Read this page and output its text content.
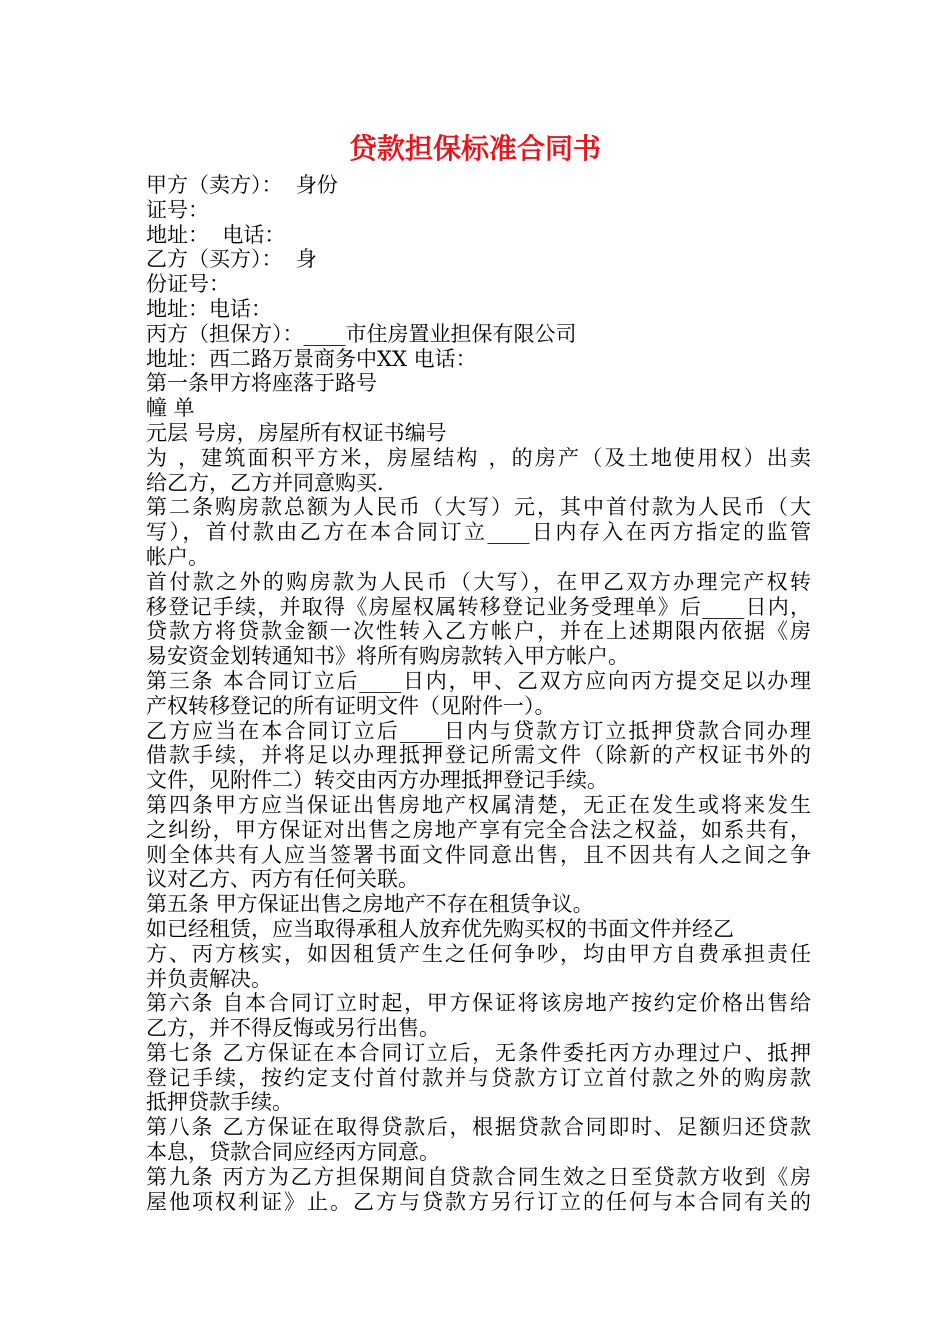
贷款担保标准合同书
甲方（卖方）：  身份
证号：
地址：  电话：
乙方（买方）：  身
份证号：
地址：电话：
丙方（担保方）：____市住房置业担保有限公司
地址：西二路万景商务中XX 电话：
第一条甲方将座落于路号
幢 单
元层 号房，房屋所有权证书编号
为 ，建筑面积平方米，房屋结构 ，的房产（及土地使用权）出卖
给乙方，乙方并同意购买.
第二条购房款总额为人民币（大写）元，其中首付款为人民币（大
写），首付款由乙方在本合同订立____日内存入在丙方指定的监管
帐户。
首付款之外的购房款为人民币（大写），在甲乙双方办理完产权转
移登记手续，并取得《房屋权属转移登记业务受理单》后____日内，
贷款方将贷款金额一次性转入乙方帐户，并在上述期限内依据《房
易安资金划转通知书》将所有购房款转入甲方帐户。
第三条 本合同订立后____日内，甲、乙双方应向丙方提交足以办理
产权转移登记的所有证明文件（见附件一）。
乙方应当在本合同订立后____日内与贷款方订立抵押贷款合同办理
借款手续，并将足以办理抵押登记所需文件（除新的产权证书外的
文件，见附件二）转交由丙方办理抵押登记手续。
第四条甲方应当保证出售房地产权属清楚，无正在发生或将来发生
之纠纷，甲方保证对出售之房地产享有完全合法之权益，如系共有，
则全体共有人应当签署书面文件同意出售，且不因共有人之间之争
议对乙方、丙方有任何关联。
第五条 甲方保证出售之房地产不存在租赁争议。
如已经租赁，应当取得承租人放弃优先购买权的书面文件并经乙
方、丙方核实，如因租赁产生之任何争吵，均由甲方自费承担责任
并负责解决。
第六条 自本合同订立时起，甲方保证将该房地产按约定价格出售给
乙方，并不得反悔或另行出售。
第七条 乙方保证在本合同订立后，无条件委托丙方办理过户、抵押
登记手续，按约定支付首付款并与贷款方订立首付款之外的购房款
抵押贷款手续。
第八条 乙方保证在取得贷款后，根据贷款合同即时、足额归还贷款
本息，贷款合同应经丙方同意。
第九条 丙方为乙方担保期间自贷款合同生效之日至贷款方收到《房
屋他项权利证》止。乙方与贷款方另行订立的任何与本合同有关的
